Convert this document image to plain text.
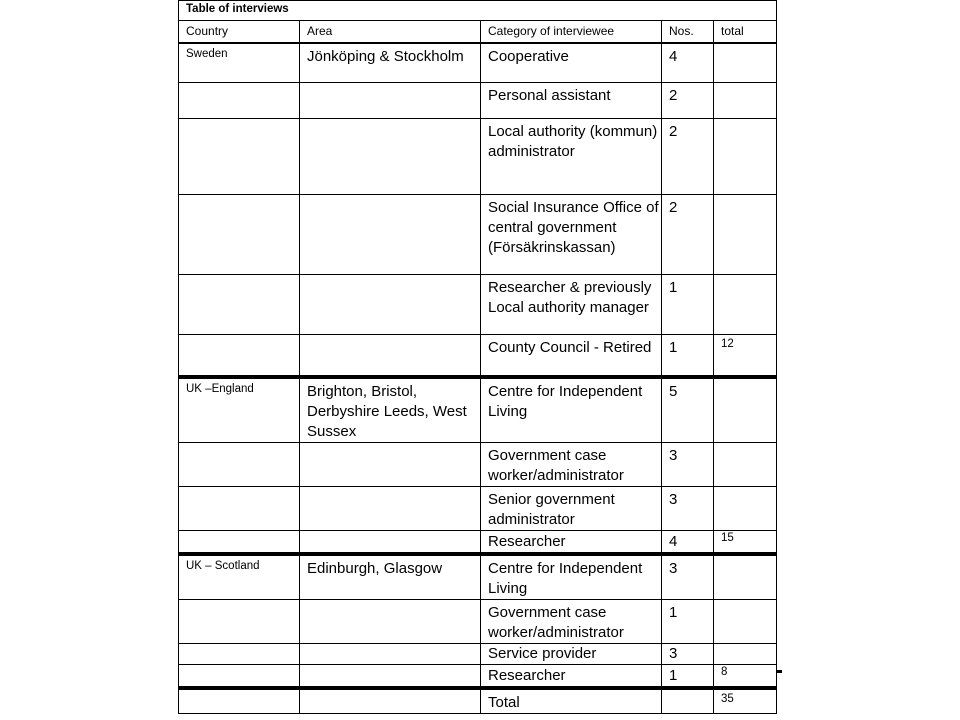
Table of interviews				
Country	Area	Category of interviewee	Nos.	total
Sweden	Jönköping & Stockholm	Cooperative	4	
		Personal assistant	2	
		Local authority (kommun) administrator	2	
		Social Insurance Office of central government (Försäkrinskassan)	2	
		Researcher & previously Local authority manager	1	
		County Council - Retired	1	12
UK –England	Brighton, Bristol, Derbyshire Leeds, West Sussex	Centre for Independent Living	5	
		Government case worker/administrator	3	
		Senior government administrator	3	
		Researcher	4	15
UK – Scotland	Edinburgh, Glasgow	Centre for Independent Living	3	
		Government case worker/administrator	1	
		Service provider	3	
		Researcher	1	8
		Total		35
